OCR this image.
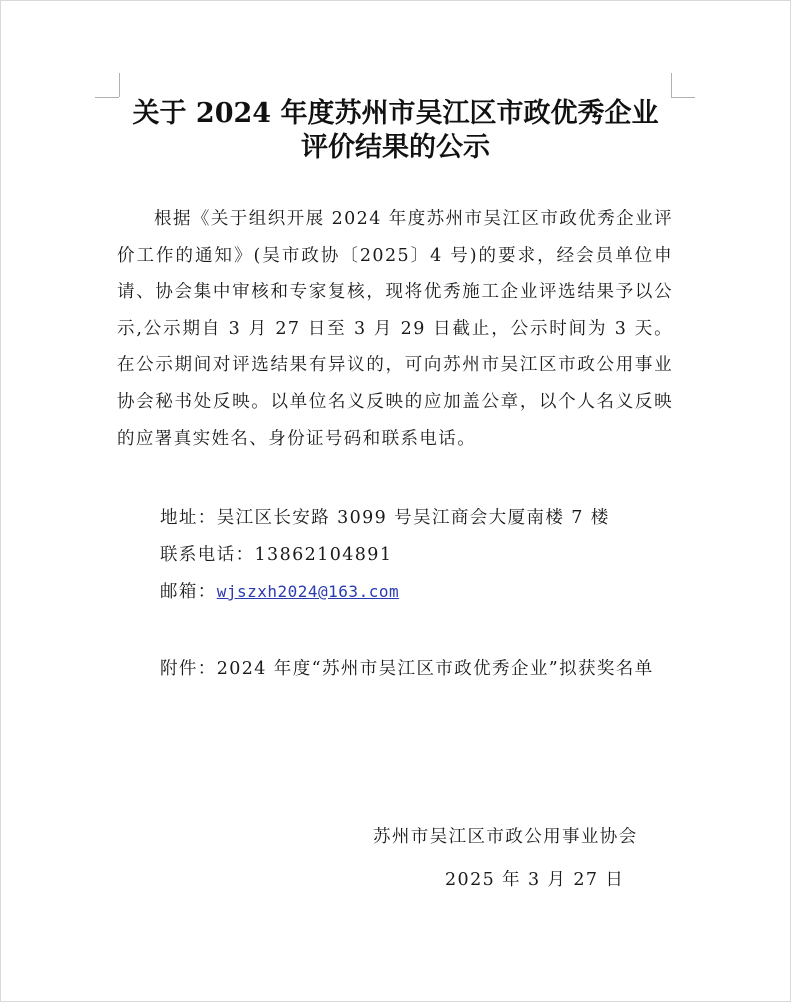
关于 2024 年度苏州市吴江区市政优秀企业
评价结果的公示

根据《关于组织开展 2024 年度苏州市吴江区市政优秀企业评价工作的通知》(吴市政协〔2025〕4 号)的要求，经会员单位申请、协会集中审核和专家复核，现将优秀施工企业评选结果予以公示,公示期自 3 月 27 日至 3 月 29 日截止，公示时间为 3 天。在公示期间对评选结果有异议的，可向苏州市吴江区市政公用事业协会秘书处反映。以单位名义反映的应加盖公章，以个人名义反映的应署真实姓名、身份证号码和联系电话。

地址：吴江区长安路 3099 号吴江商会大厦南楼 7 楼
联系电话：13862104891
邮箱：wjszxh2024@163.com

附件：2024 年度“苏州市吴江区市政优秀企业”拟获奖名单

苏州市吴江区市政公用事业协会
2025 年 3 月 27 日
